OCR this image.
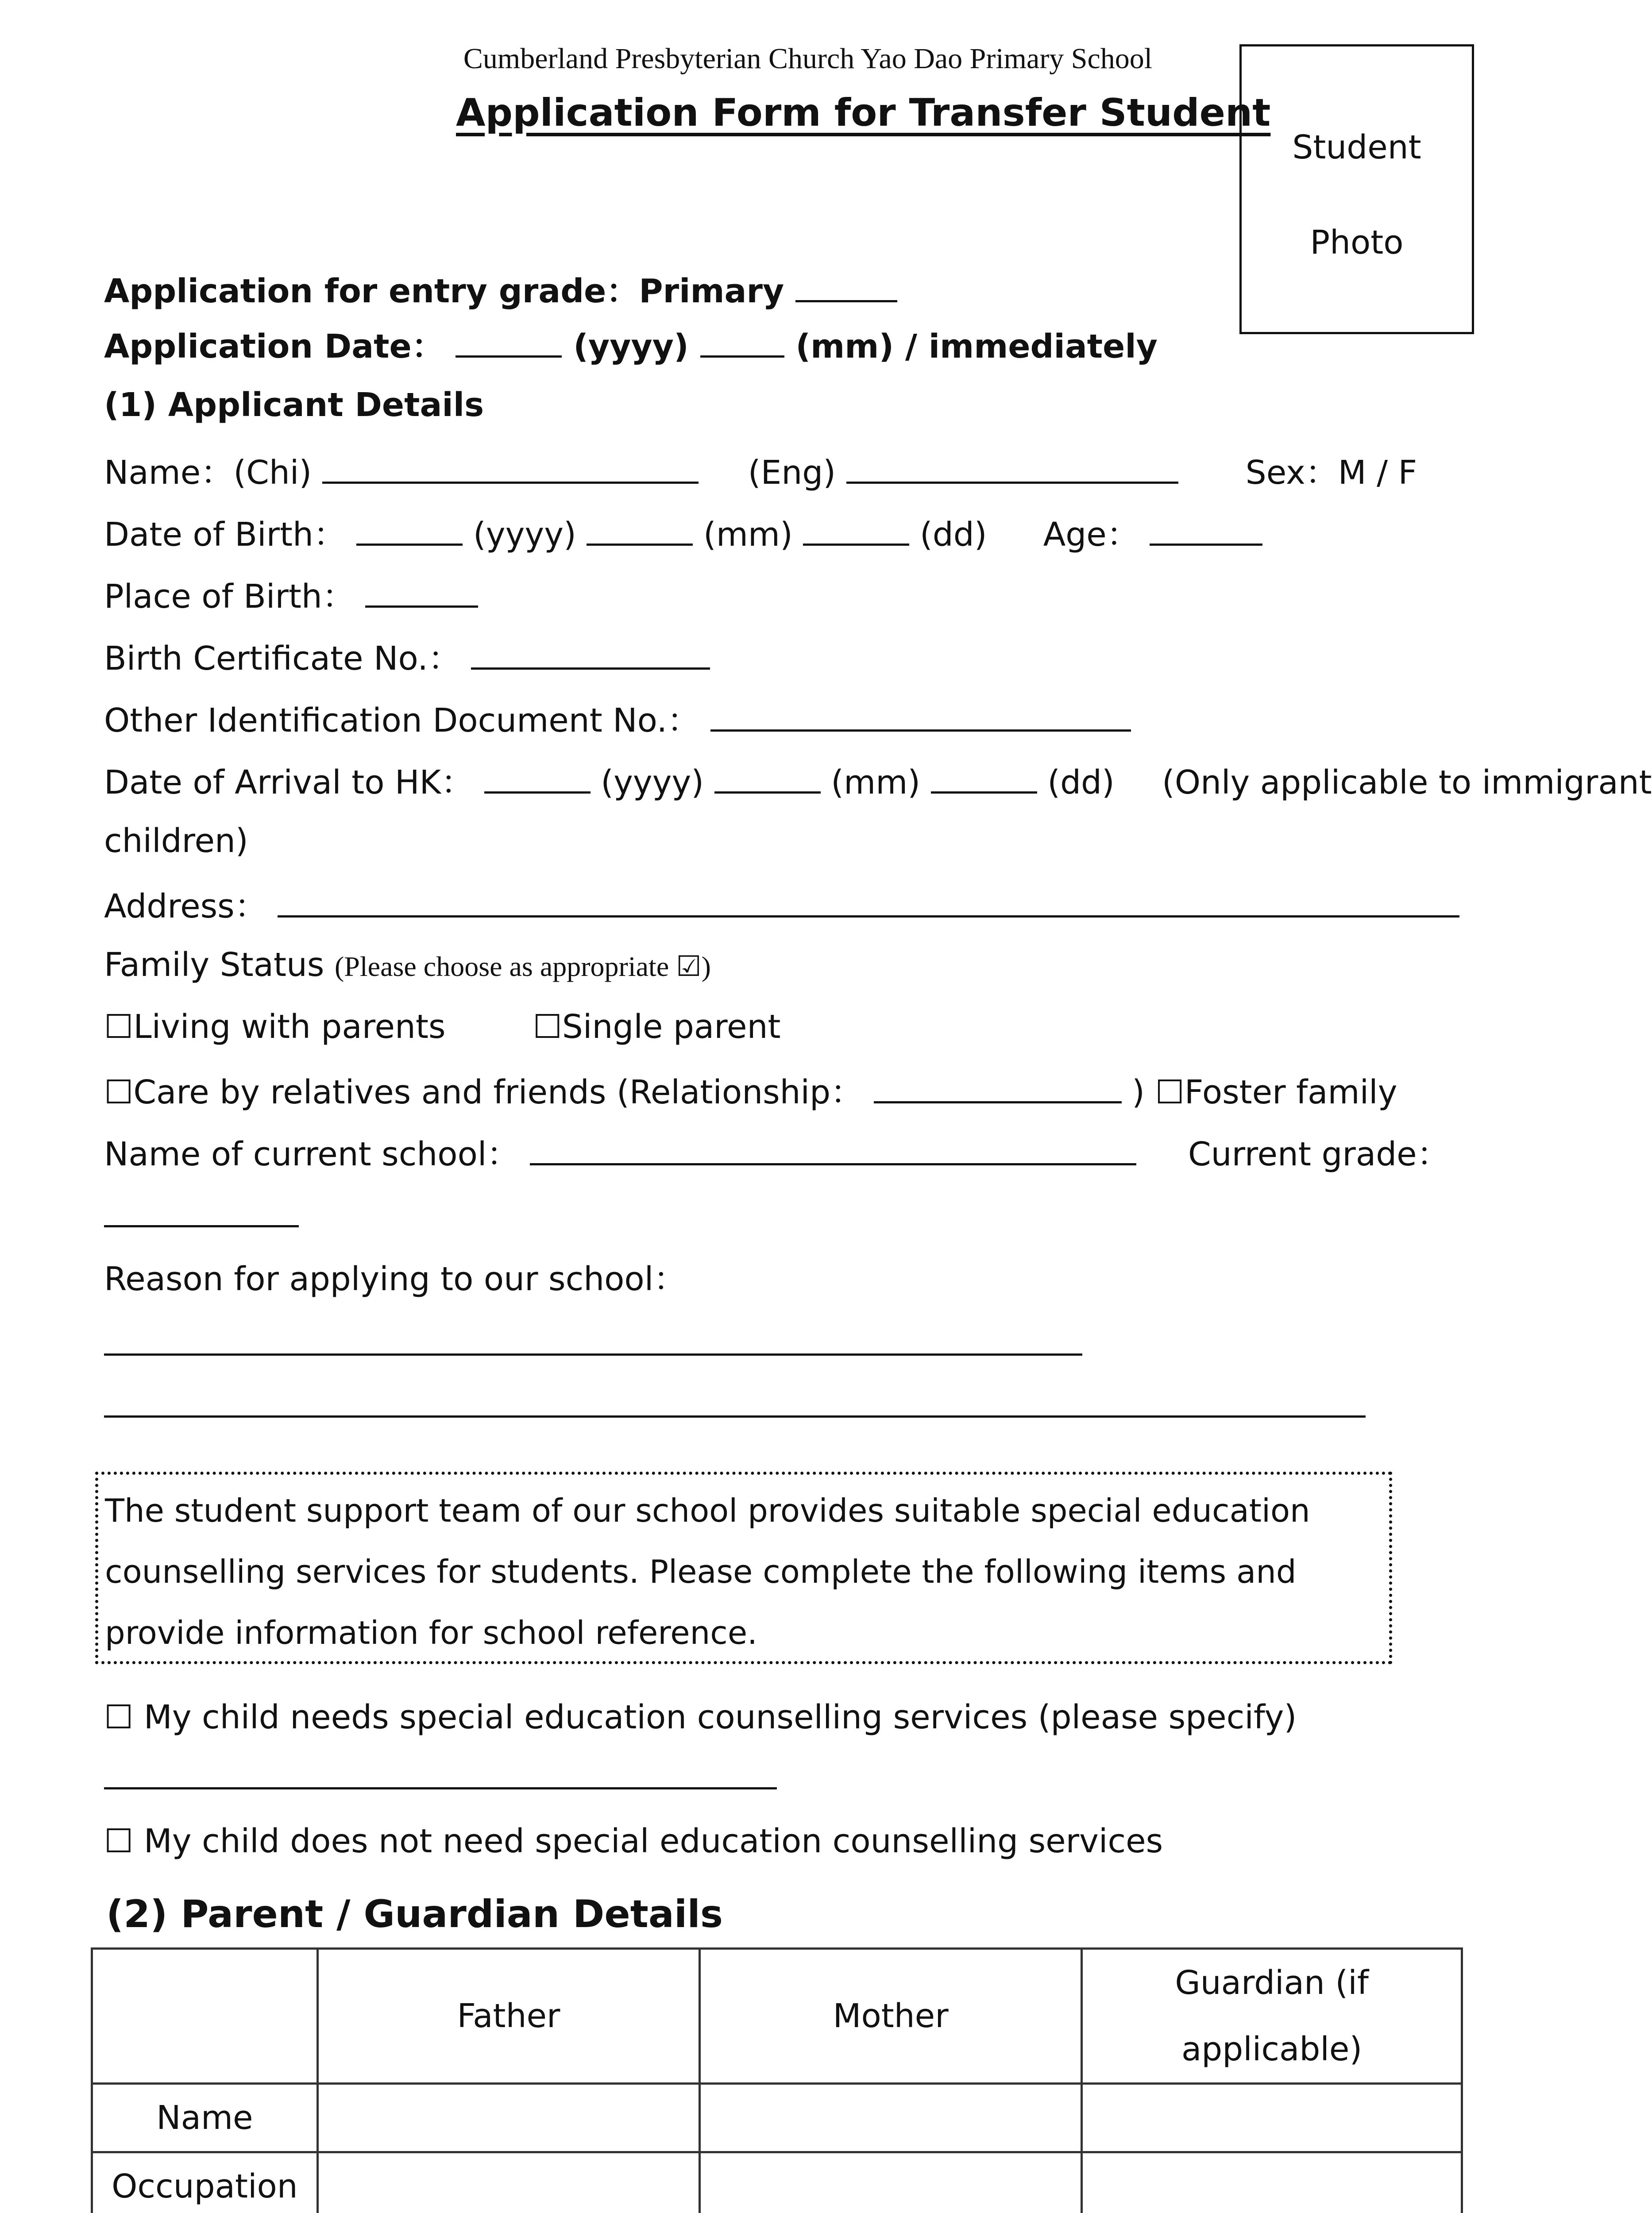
Cumberland Presbyterian Church Yao Dao Primary School
Application Form for Transfer Student
Student
Photo
Application for entry grade：Primary
Application Date：	(yyyy)	(mm) / immediately
(1) Applicant Details
Name：(Chi)	(Eng)	Sex：M / F
Date of Birth：	(yyyy)	(mm)	(dd) Age：
Place of Birth：
Birth Certificate No.：
Other Identification Document No.：
Date of Arrival to HK：	(yyyy)	(mm)	(dd) (Only applicable to immigrant
children)
Address：
Family Status (Please choose as appropriate ☑)
☐Living with parents	☐Single parent
☐Care by relatives and friends (Relationship：	) ☐Foster family
Name of current school：	Current grade：
Reason for applying to our school：
The student support team of our school provides suitable special education counselling services for students. Please complete the following items and provide information for school reference.
☐ My child needs special education counselling services (please specify)
☐ My child does not need special education counselling services
(2) Parent / Guardian Details
	Father	Mother	Guardian (if applicable)
Name			
Occupation			
